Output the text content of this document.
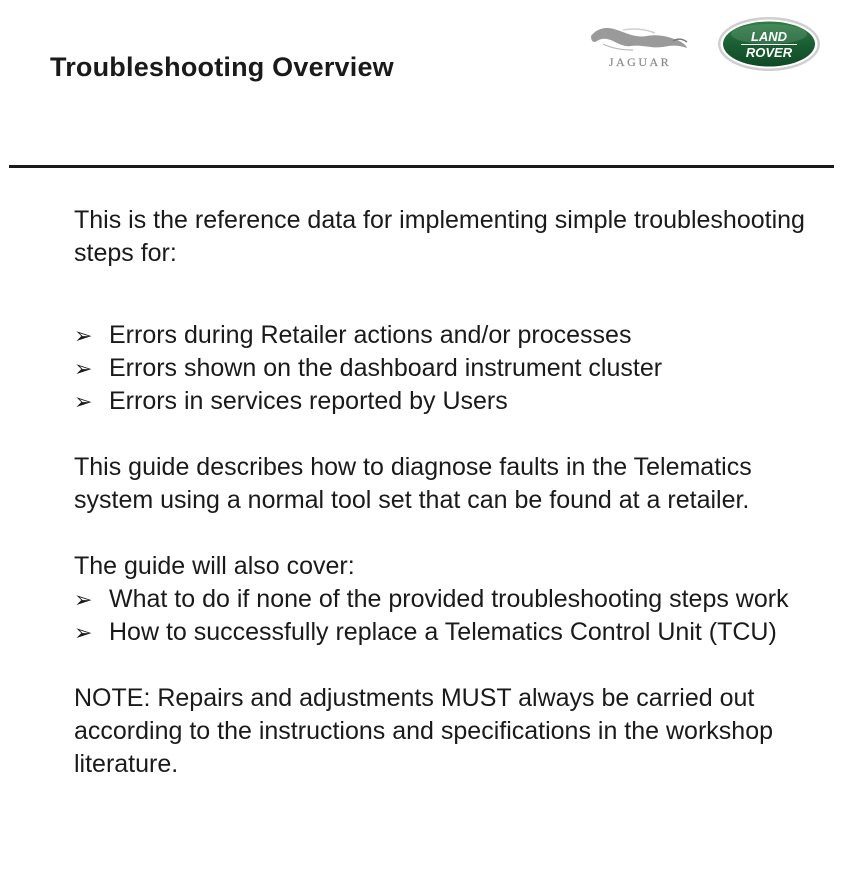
Troubleshooting Overview	JAGUAR
LAND
ROVER

This is the reference data for implementing simple troubleshooting steps for:

➢ Errors during Retailer actions and/or processes
➢ Errors shown on the dashboard instrument cluster
➢ Errors in services reported by Users

This guide describes how to diagnose faults in the Telematics system using a normal tool set that can be found at a retailer.

The guide will also cover:

➢ What to do if none of the provided troubleshooting steps work
➢ How to successfully replace a Telematics Control Unit (TCU)

NOTE: Repairs and adjustments MUST always be carried out according to the instructions and specifications in the workshop literature.
